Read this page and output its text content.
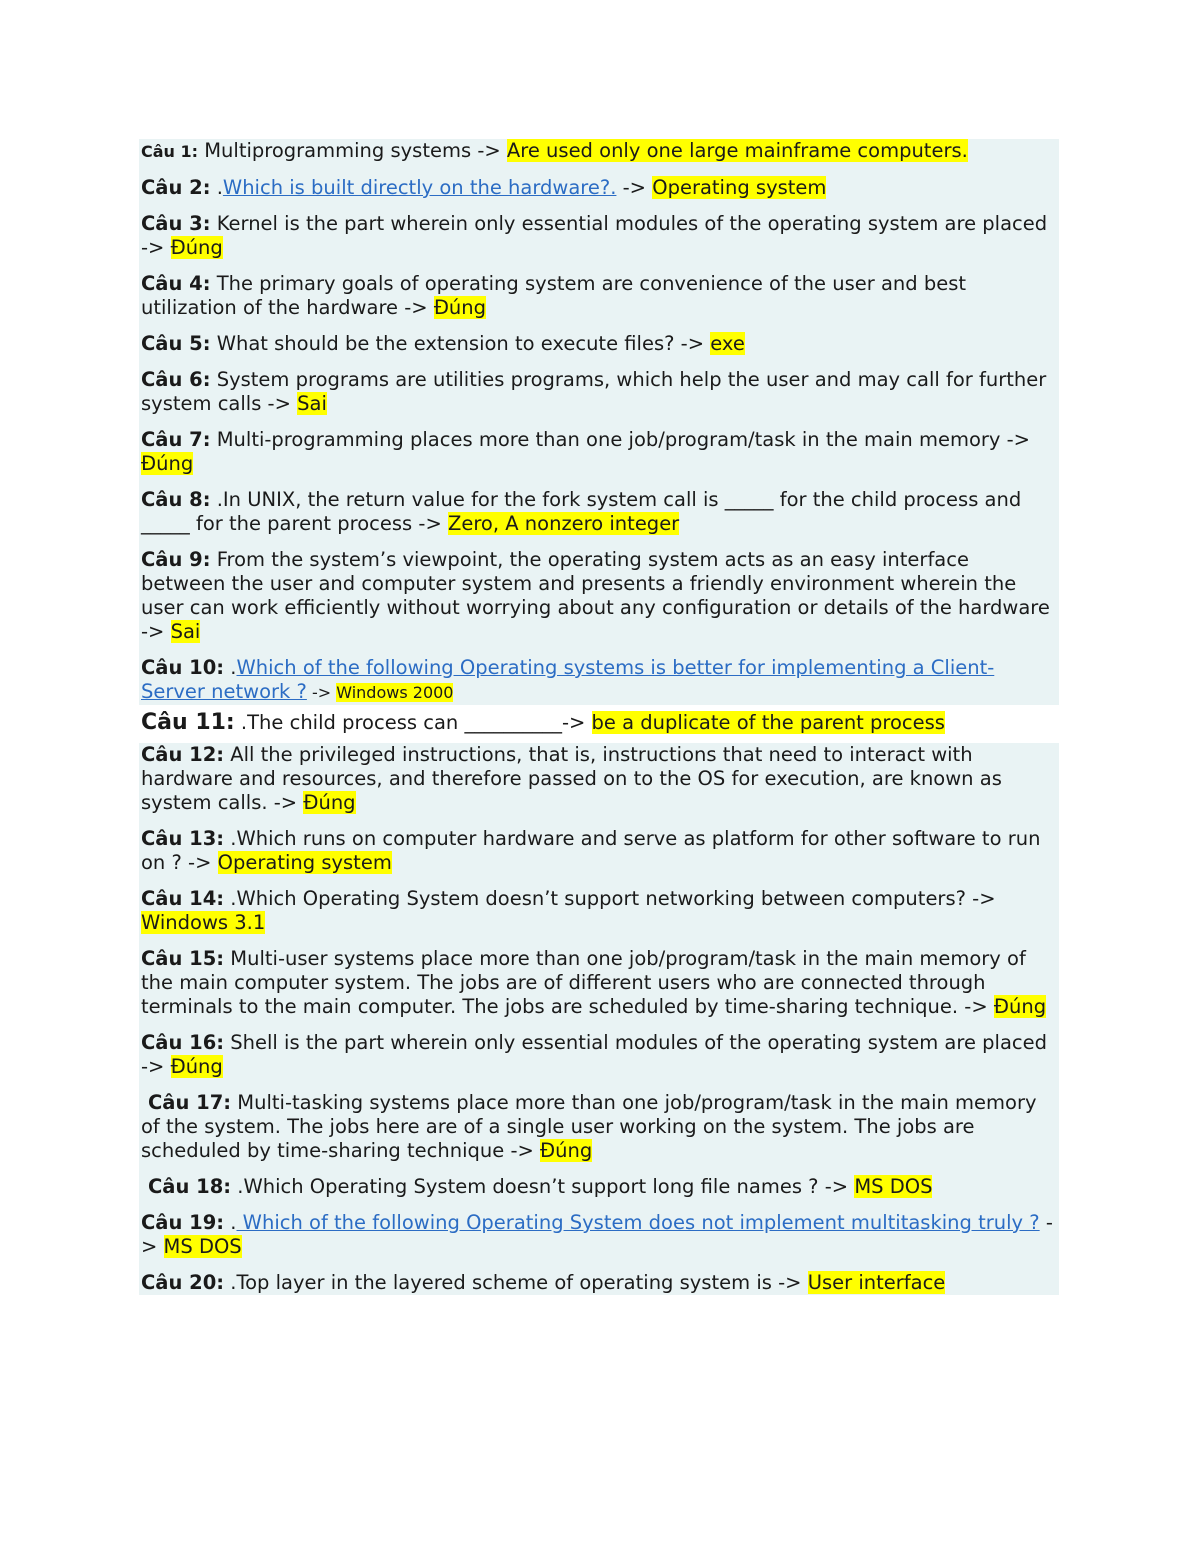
Câu 1: Multiprogramming systems -> Are used only one large mainframe computers.

Câu 2: .Which is built directly on the hardware?. -> Operating system

Câu 3: Kernel is the part wherein only essential modules of the operating system are placed -> Đúng

Câu 4: The primary goals of operating system are convenience of the user and best utilization of the hardware -> Đúng

Câu 5: What should be the extension to execute files? -> exe

Câu 6: System programs are utilities programs, which help the user and may call for further system calls -> Sai

Câu 7: Multi-programming places more than one job/program/task in the main memory -> Đúng

Câu 8: .In UNIX, the return value for the fork system call is _____ for the child process and _____ for the parent process -> Zero, A nonzero integer

Câu 9: From the system’s viewpoint, the operating system acts as an easy interface between the user and computer system and presents a friendly environment wherein the user can work efficiently without worrying about any configuration or details of the hardware -> Sai

Câu 10: .Which of the following Operating systems is better for implementing a Client-Server network ? -> Windows 2000

Câu 11: .The child process can __________-> be a duplicate of the parent process

Câu 12: All the privileged instructions, that is, instructions that need to interact with hardware and resources, and therefore passed on to the OS for execution, are known as system calls. -> Đúng

Câu 13: .Which runs on computer hardware and serve as platform for other software to run on ? -> Operating system

Câu 14: .Which Operating System doesn’t support networking between computers? -> Windows 3.1

Câu 15: Multi-user systems place more than one job/program/task in the main memory of the main computer system. The jobs are of different users who are connected through terminals to the main computer. The jobs are scheduled by time-sharing technique. -> Đúng

Câu 16: Shell is the part wherein only essential modules of the operating system are placed -> Đúng

Câu 17: Multi-tasking systems place more than one job/program/task in the main memory of the system. The jobs here are of a single user working on the system. The jobs are scheduled by time-sharing technique -> Đúng

Câu 18: .Which Operating System doesn’t support long file names ? -> MS DOS

Câu 19: . Which of the following Operating System does not implement multitasking truly ? -> MS DOS

Câu 20: .Top layer in the layered scheme of operating system is -> User interface
